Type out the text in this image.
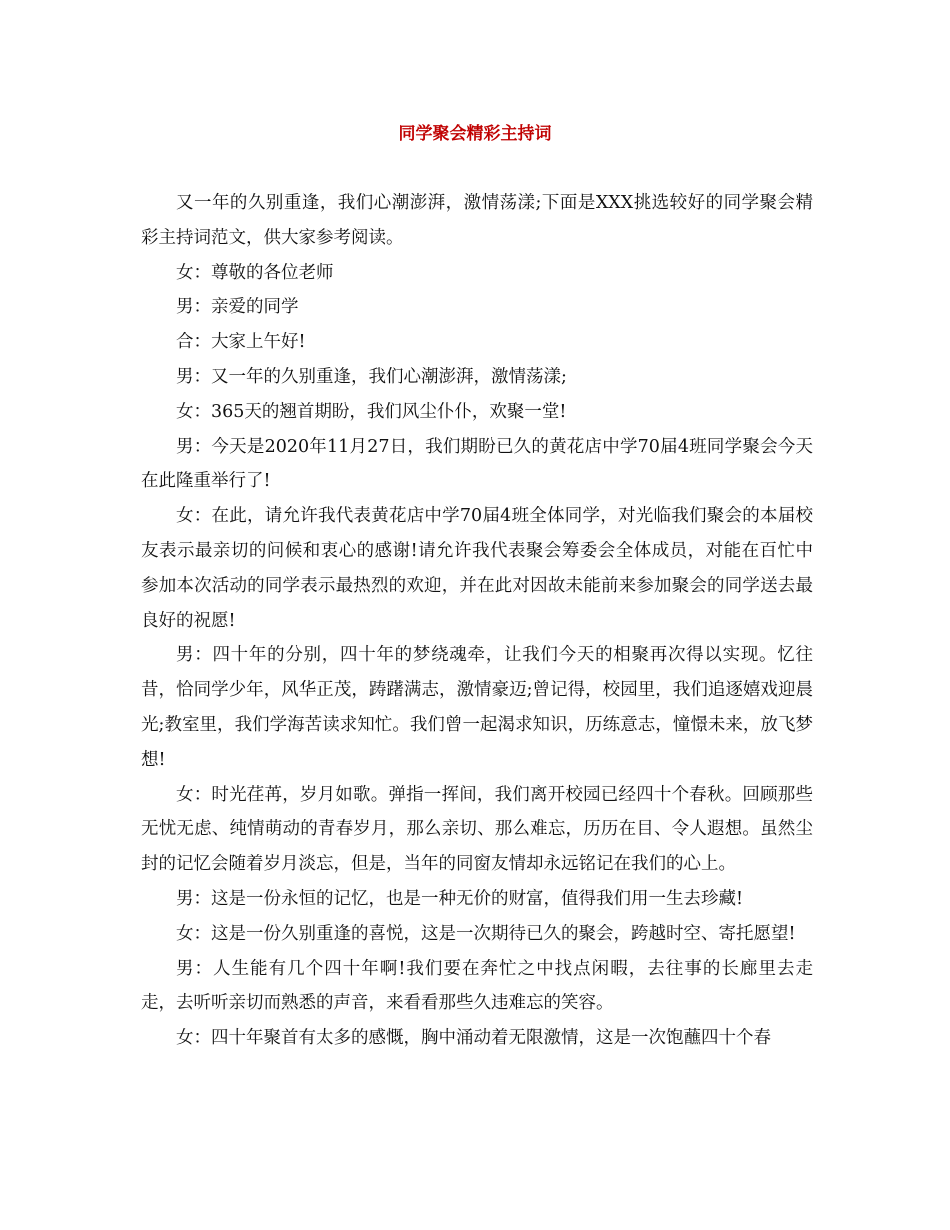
同学聚会精彩主持词

又一年的久别重逢，我们心潮澎湃，激情荡漾;下面是XXX挑选较好的同学聚会精彩主持词范文，供大家参考阅读。

女：尊敬的各位老师

男：亲爱的同学

合：大家上午好!

男：又一年的久别重逢，我们心潮澎湃，激情荡漾;

女：365天的翘首期盼，我们风尘仆仆，欢聚一堂!

男：今天是2020年11月27日，我们期盼已久的黄花店中学70届4班同学聚会今天在此隆重举行了!

女：在此，请允许我代表黄花店中学70届4班全体同学，对光临我们聚会的本届校友表示最亲切的问候和衷心的感谢!请允许我代表聚会筹委会全体成员，对能在百忙中参加本次活动的同学表示最热烈的欢迎，并在此对因故未能前来参加聚会的同学送去最良好的祝愿!

男：四十年的分别，四十年的梦绕魂牵，让我们今天的相聚再次得以实现。忆往昔，恰同学少年，风华正茂，踌躇满志，激情豪迈;曾记得，校园里，我们追逐嬉戏迎晨光;教室里，我们学海苦读求知忙。我们曾一起渴求知识，历练意志，憧憬未来，放飞梦想!

女：时光荏苒，岁月如歌。弹指一挥间，我们离开校园已经四十个春秋。回顾那些无忧无虑、纯情萌动的青春岁月，那么亲切、那么难忘，历历在目、令人遐想。虽然尘封的记忆会随着岁月淡忘，但是，当年的同窗友情却永远铭记在我们的心上。

男：这是一份永恒的记忆，也是一种无价的财富，值得我们用一生去珍藏!

女：这是一份久别重逢的喜悦，这是一次期待已久的聚会，跨越时空、寄托愿望!

男：人生能有几个四十年啊!我们要在奔忙之中找点闲暇，去往事的长廊里去走走，去听听亲切而熟悉的声音，来看看那些久违难忘的笑容。

女：四十年聚首有太多的感慨，胸中涌动着无限激情，这是一次饱蘸四十个春
